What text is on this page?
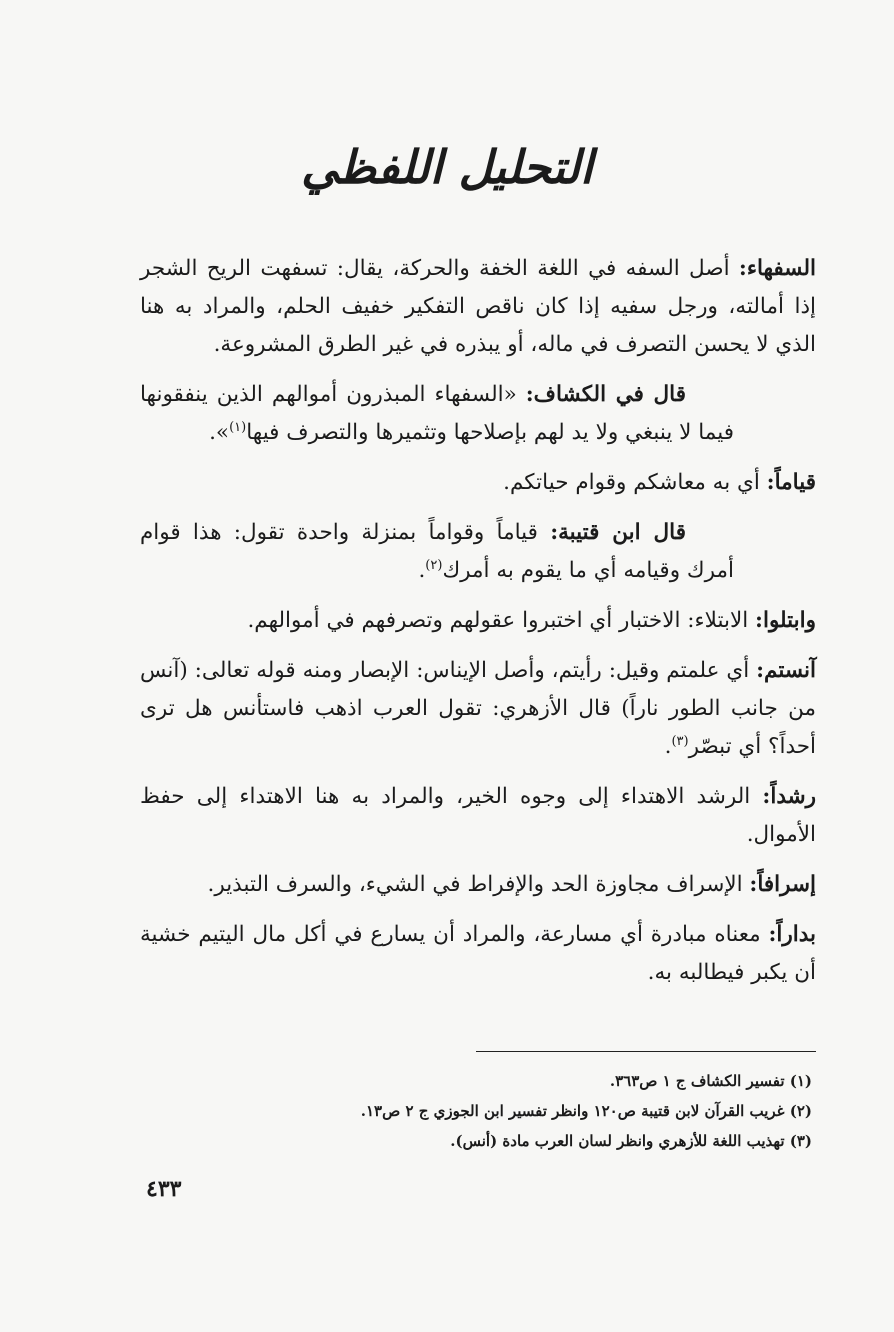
التحليل اللفظي
السفهاء: أصل السفه في اللغة الخفة والحركة، يقال: تسفهت الريح الشجر إذا أمالته، ورجل سفيه إذا كان ناقص التفكير خفيف الحلم، والمراد به هنا الذي لا يحسن التصرف في ماله، أو يبذره في غير الطرق المشروعة.

قال في الكشاف: «السفهاء المبذرون أموالهم الذين ينفقونها فيما لا ينبغي ولا يد لهم بإصلاحها وتثميرها والتصرف فيها$^{(١)}$».

قياماً: أي به معاشكم وقوام حياتكم.

قال ابن قتيبة: قياماً وقواماً بمنزلة واحدة تقول: هذا قوام أمرك وقيامه أي ما يقوم به أمرك$^{(٢)}$.

وابتلوا: الابتلاء: الاختبار أي اختبروا عقولهم وتصرفهم في أموالهم.
آنستم: أي علمتم وقيل: رأيتم، وأصل الإيناس: الإبصار ومنه قوله تعالى: (آنس من جانب الطور ناراً) قال الأزهري: تقول العرب اذهب فاستأنس هل ترى أحداً؟ أي تبصّر$^{(٣)}$.
رشداً: الرشد الاهتداء إلى وجوه الخير، والمراد به هنا الاهتداء إلى حفظ الأموال.
إسرافاً: الإسراف مجاوزة الحد والإفراط في الشيء، والسرف التبذير.
بداراً: معناه مبادرة أي مسارعة، والمراد أن يسارع في أكل مال اليتيم خشية أن يكبر فيطالبه به.
(١) تفسير الكشاف ج ١ ص٣٦٣.
(٢) غريب القرآن لابن قتيبة ص١٢٠ وانظر تفسير ابن الجوزي ج ٢ ص١٣.
(٣) تهذيب اللغة للأزهري وانظر لسان العرب مادة (أنس).
٤٣٣
